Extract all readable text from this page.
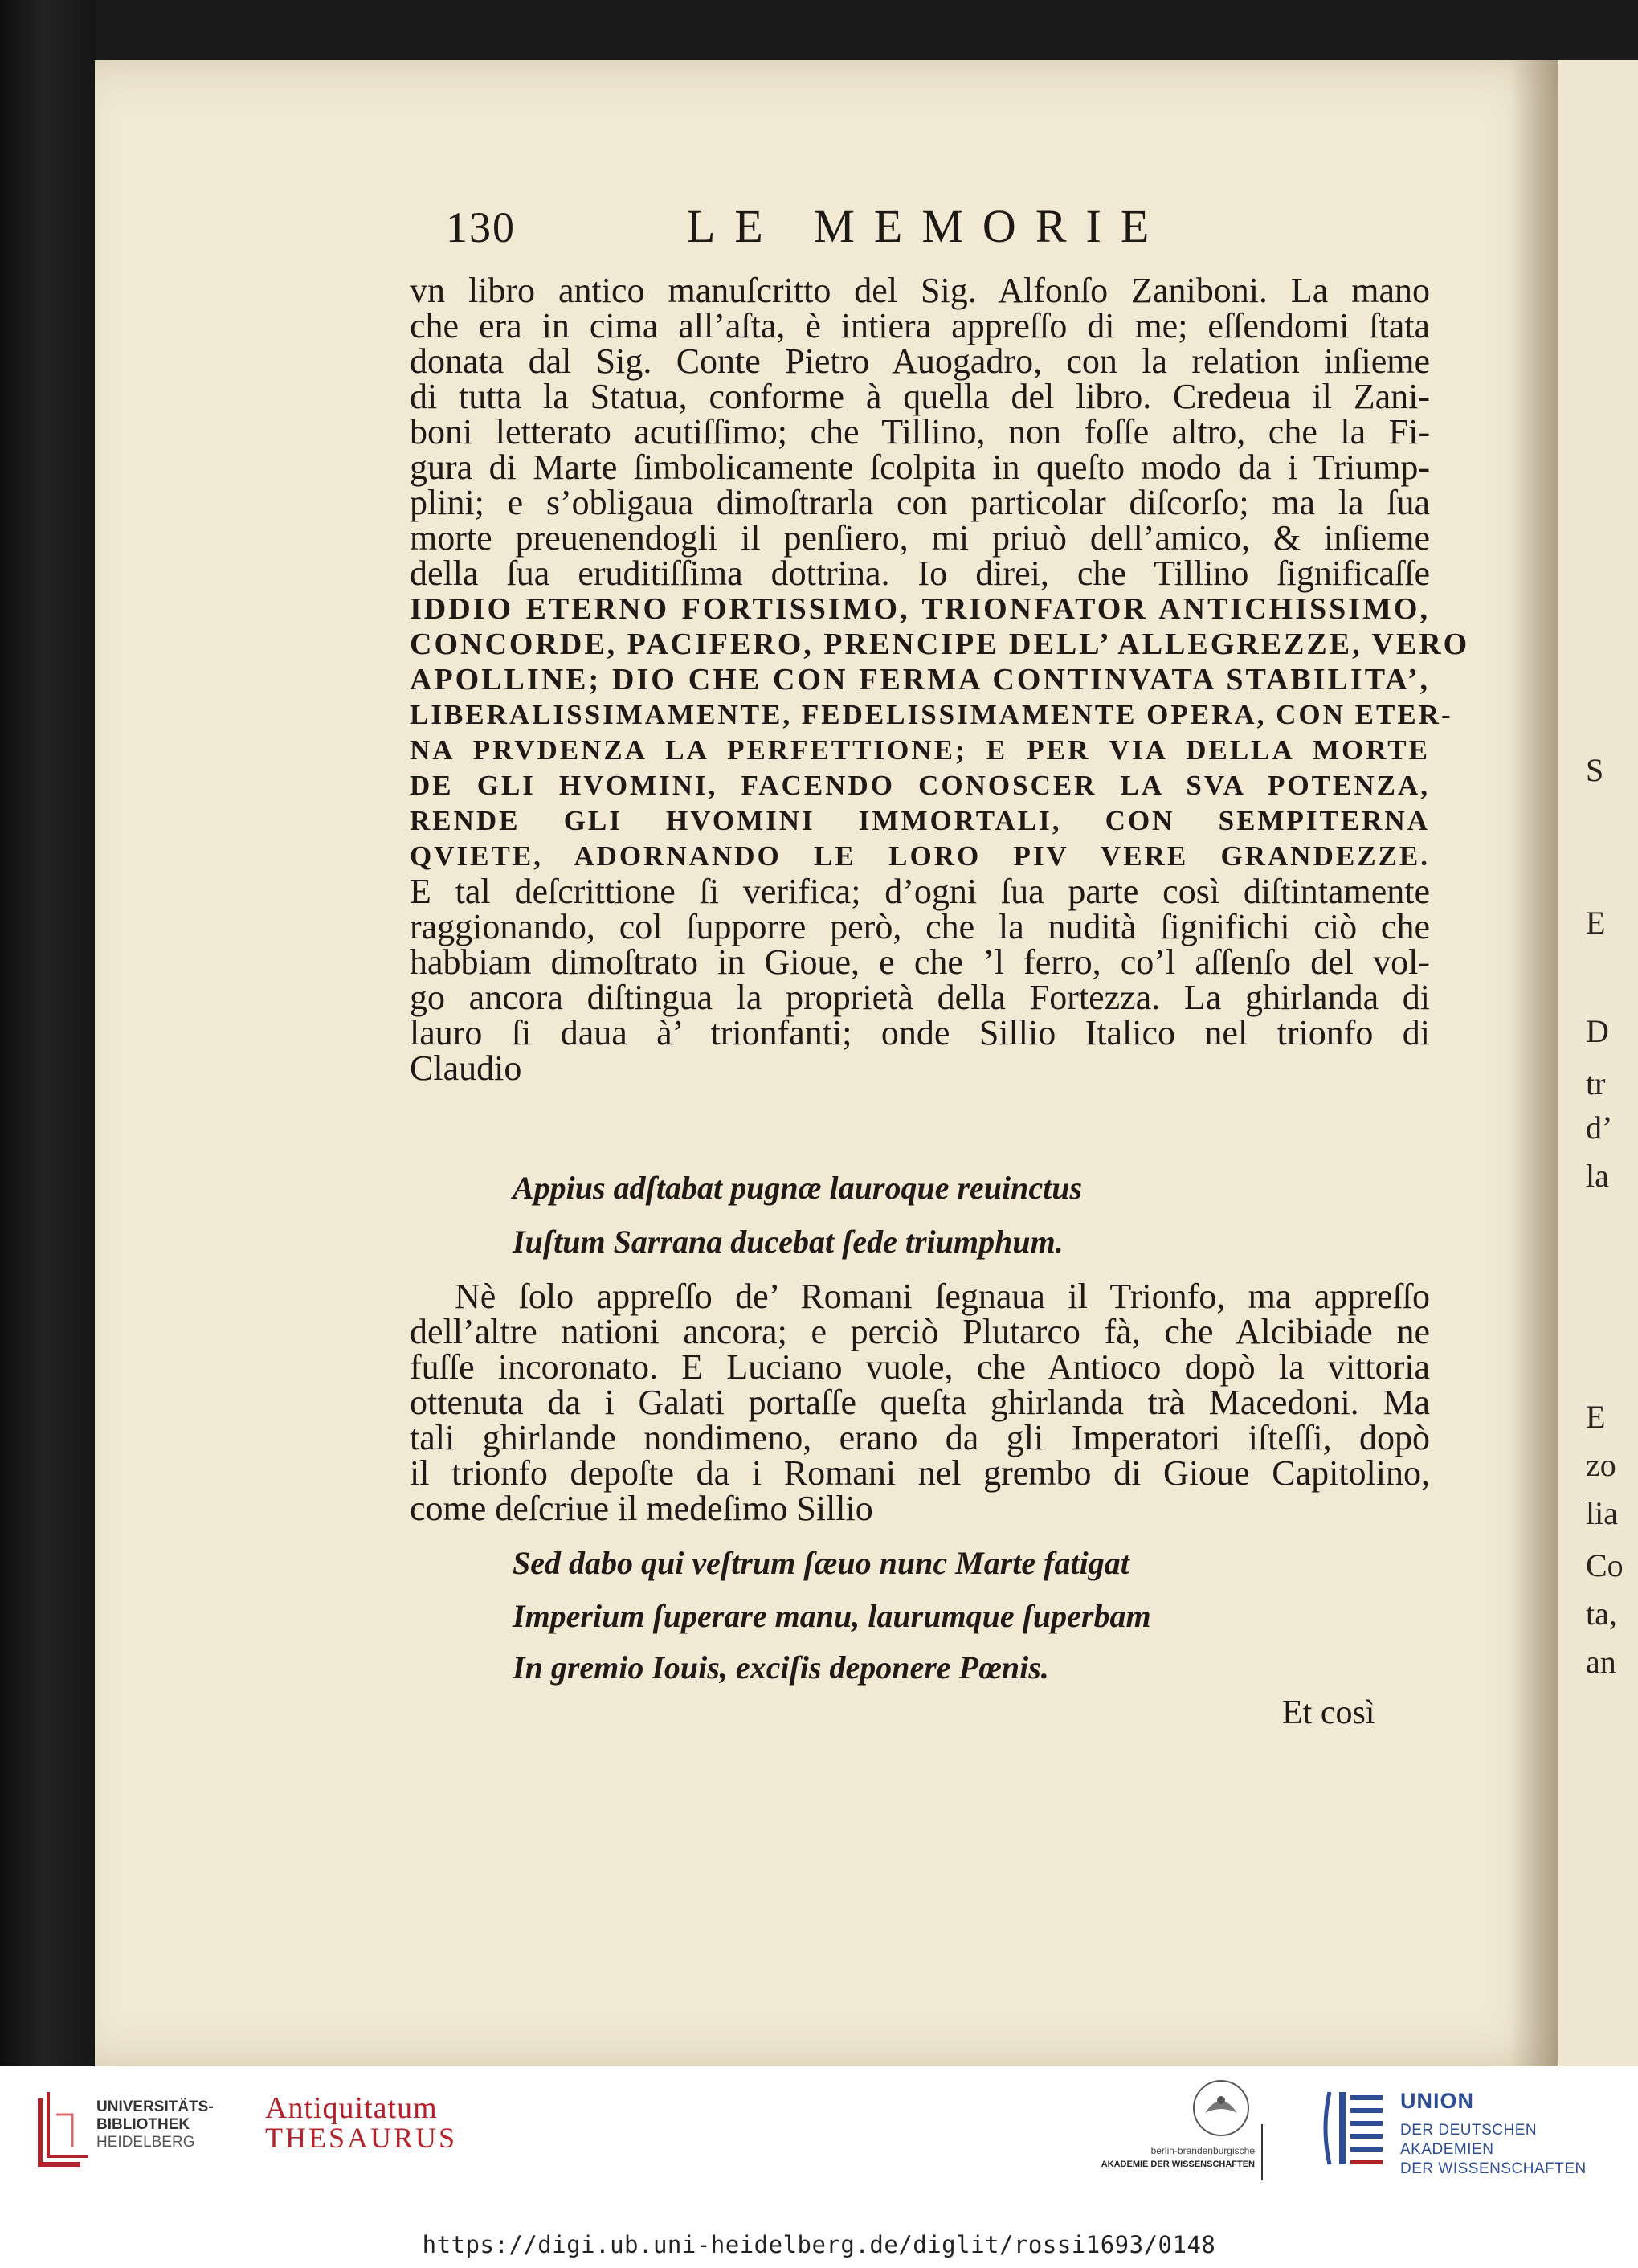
S
E
D
tr
d’
la
E
zo
lia
Co
ta,
an
130	LE MEMORIE
vn libro antico manuſcritto del Sig. Alfonſo Zaniboni. La mano
che era in cima all’aſta, è intiera appreſſo di me; eſſendomi ſtata
donata dal Sig. Conte Pietro Auogadro, con la relation inſieme
di tutta la Statua, conforme à quella del libro. Credeua il Zani-
boni letterato acutiſſimo; che Tillino, non foſſe altro, che la Fi-
gura di Marte ſimbolicamente ſcolpita in queſto modo da i Triump-
plini; e s’obligaua dimoſtrarla con particolar diſcorſo; ma la ſua
morte preuenendogli il penſiero, mi priuò dell’amico, & inſieme
della ſua eruditiſſima dottrina. Io direi, che Tillino ſignificaſſe
IDDIO ETERNO FORTISSIMO, TRIONFATOR ANTICHISSIMO,
CONCORDE, PACIFERO, PRENCIPE DELL’ ALLEGREZZE, VERO
APOLLINE; DIO CHE CON FERMA CONTINVATA STABILITA’,
LIBERALISSIMAMENTE, FEDELISSIMAMENTE OPERA, CON ETER-
NA PRVDENZA LA PERFETTIONE; E PER VIA DELLA MORTE
DE GLI HVOMINI, FACENDO CONOSCER LA SVA POTENZA,
RENDE GLI HVOMINI IMMORTALI, CON SEMPITERNA
QVIETE, ADORNANDO LE LORO PIV VERE GRANDEZZE.
E tal deſcrittione ſi verifica; d’ogni ſua parte così diſtintamente
raggionando, col ſupporre però, che la nudità ſignifichi ciò che
habbiam dimoſtrato in Gioue, e che ’l ferro, co’l aſſenſo del vol-
go ancora diſtingua la proprietà della Fortezza. La ghirlanda di
lauro ſi daua à’ trionfanti; onde Sillio Italico nel trionfo di
Claudio
Appius adſtabat pugnæ lauroque reuinctus
Iuſtum Sarrana ducebat ſede triumphum.
Nè ſolo appreſſo de’ Romani ſegnaua il Trionfo, ma appreſſo
dell’altre nationi ancora; e perciò Plutarco fà, che Alcibiade ne
fuſſe incoronato. E Luciano vuole, che Antioco dopò la vittoria
ottenuta da i Galati portaſſe queſta ghirlanda trà Macedoni. Ma
tali ghirlande nondimeno, erano da gli Imperatori iſteſſi, dopò
il trionfo depoſte da i Romani nel grembo di Gioue Capitolino,
come deſcriue il medeſimo Sillio
Sed dabo qui veſtrum ſæuo nunc Marte fatigat
Imperium ſuperare manu, laurumque ſuperbam
In gremio Iouis, exciſis deponere Pœnis.
Et così
UNIVERSITÄTS-
BIBLIOTHEK
HEIDELBERG
Antiquitatum
THESAURUS	berlin-brandenburgische
AKADEMIE DER WISSENSCHAFTEN
UNION
DER DEUTSCHEN AKADEMIEN
DER WISSENSCHAFTEN
https://digi.ub.uni-heidelberg.de/diglit/rossi1693/0148
